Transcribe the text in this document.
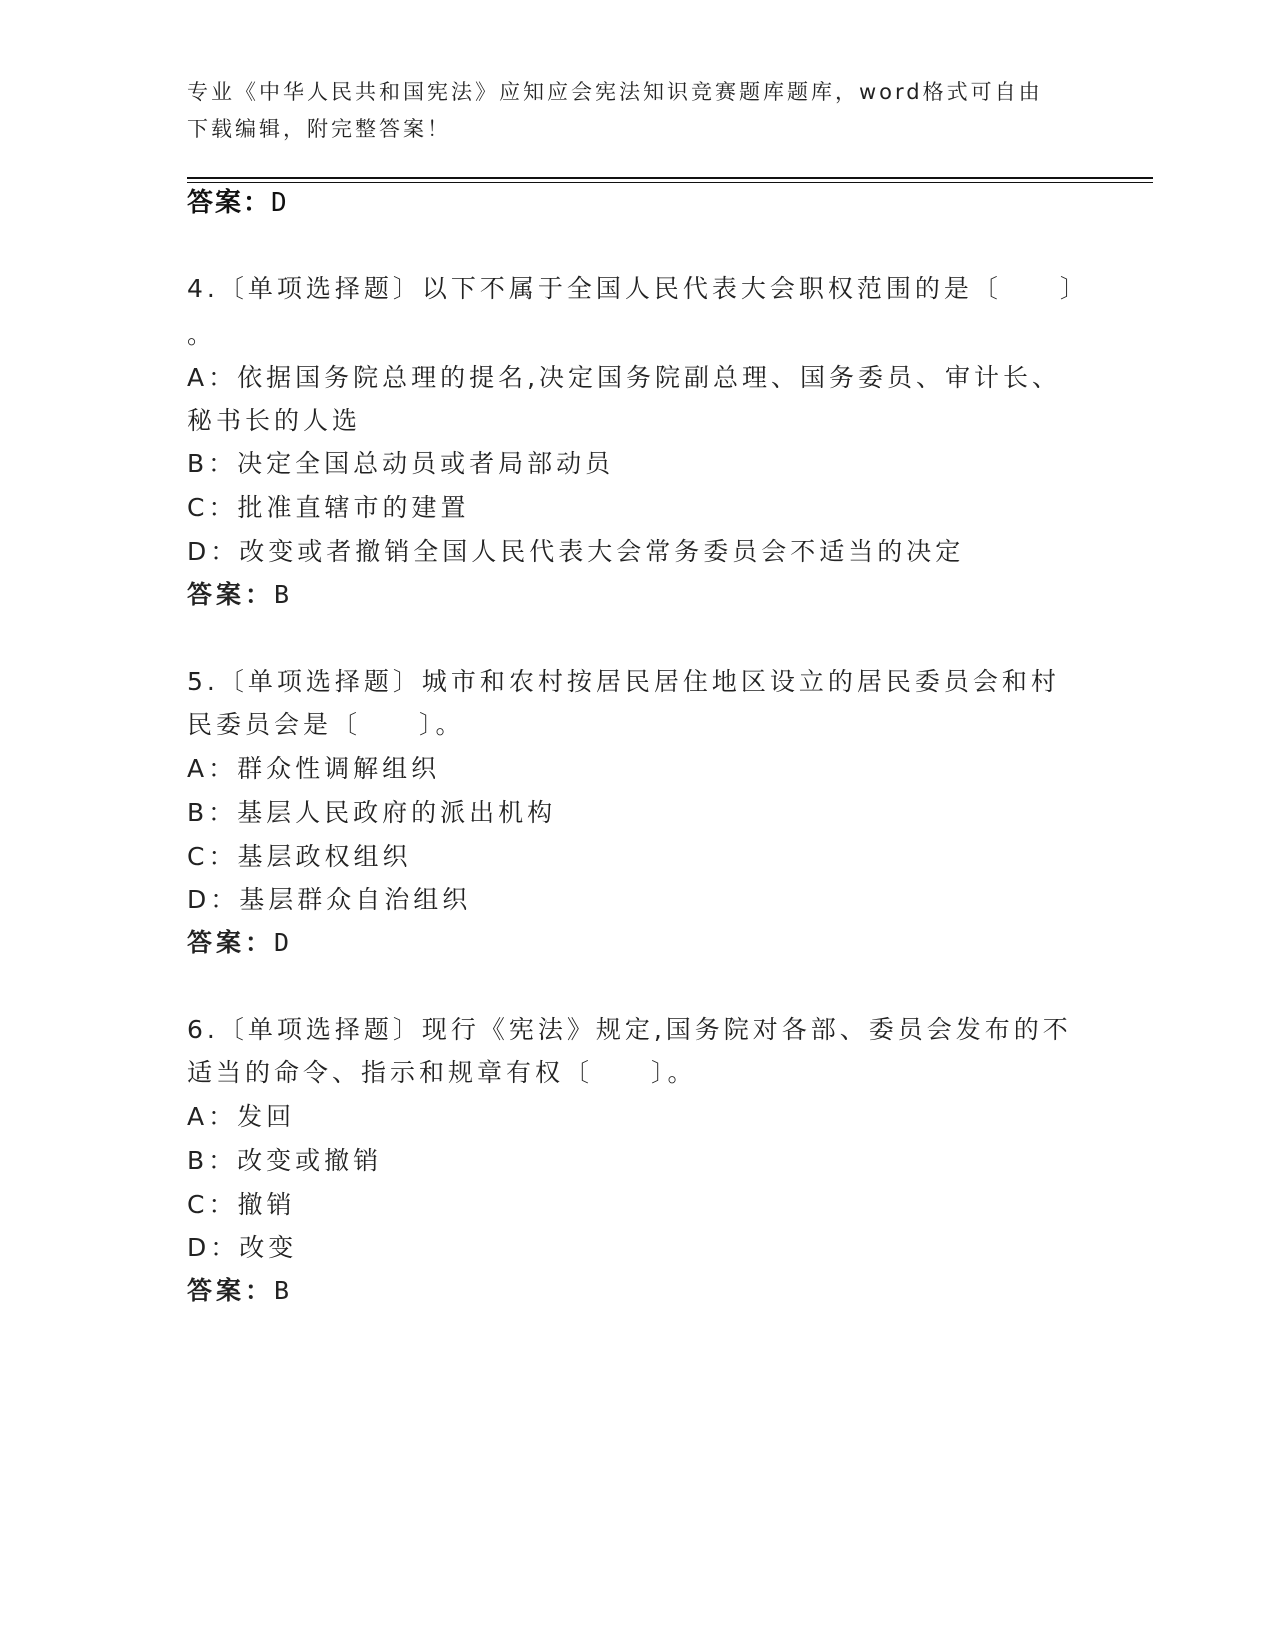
专业《中华人民共和国宪法》应知应会宪法知识竞赛题库题库，word格式可自由
下载编辑，附完整答案！
答案：D
4.〔单项选择题〕以下不属于全国人民代表大会职权范围的是〔　　〕
。
A：依据国务院总理的提名,决定国务院副总理、国务委员、审计长、
秘书长的人选
B：决定全国总动员或者局部动员
C：批准直辖市的建置
D：改变或者撤销全国人民代表大会常务委员会不适当的决定
答案：B
5.〔单项选择题〕城市和农村按居民居住地区设立的居民委员会和村
民委员会是〔　　〕。
A：群众性调解组织
B：基层人民政府的派出机构
C：基层政权组织
D：基层群众自治组织
答案：D
6.〔单项选择题〕现行《宪法》规定,国务院对各部、委员会发布的不
适当的命令、指示和规章有权〔　　〕。
A：发回
B：改变或撤销
C：撤销
D：改变
答案：B
